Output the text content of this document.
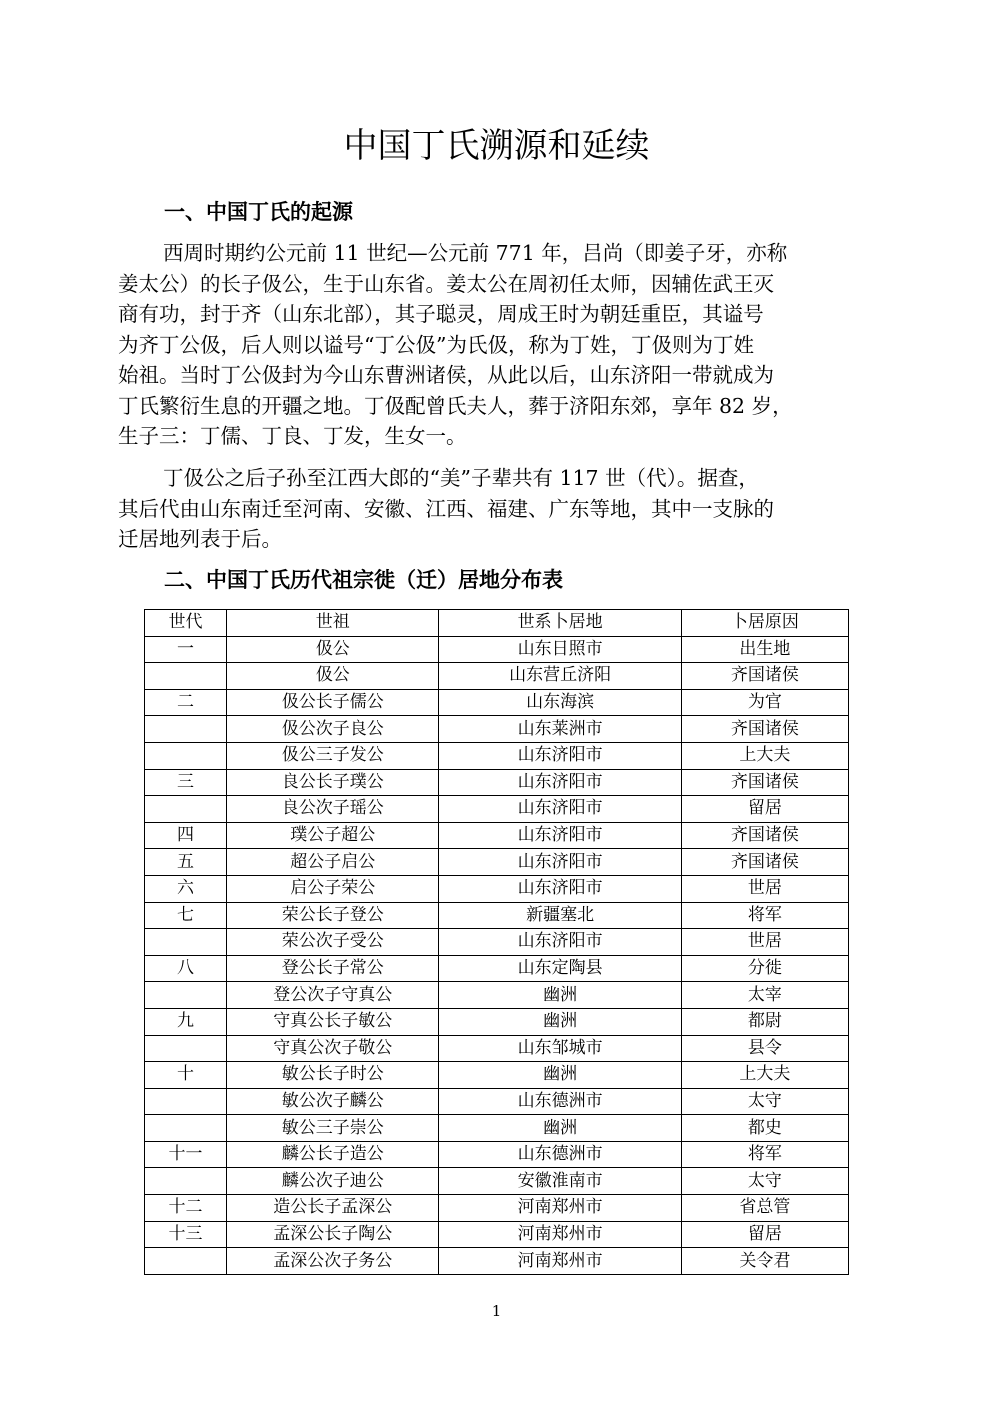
中国丁氏溯源和延续
一、中国丁氏的起源
西周时期约公元前 11 世纪—公元前 771 年，吕尚（即姜子牙，亦称
姜太公）的长子伋公，生于山东省。姜太公在周初任太师，因辅佐武王灭
商有功，封于齐（山东北部），其子聪灵，周成王时为朝廷重臣，其谥号
为齐丁公伋，后人则以谥号“丁公伋”为氏伋，称为丁姓，丁伋则为丁姓
始祖。当时丁公伋封为今山东曹洲诸侯，从此以后，山东济阳一带就成为
丁氏繁衍生息的开疆之地。丁伋配曾氏夫人，葬于济阳东郊，享年 82 岁，
生子三：丁儒、丁良、丁发，生女一。
丁伋公之后子孙至江西大郎的“美”子辈共有 117 世（代）。据查，
其后代由山东南迁至河南、安徽、江西、福建、广东等地，其中一支脉的
迁居地列表于后。
二、中国丁氏历代祖宗徙（迁）居地分布表
世代	世祖	世系卜居地	卜居原因
一	伋公	山东日照市	出生地
	伋公	山东营丘济阳	齐国诸侯
二	伋公长子儒公	山东海滨	为官
	伋公次子良公	山东莱洲市	齐国诸侯
	伋公三子发公	山东济阳市	上大夫
三	良公长子璞公	山东济阳市	齐国诸侯
	良公次子瑶公	山东济阳市	留居
四	璞公子超公	山东济阳市	齐国诸侯
五	超公子启公	山东济阳市	齐国诸侯
六	启公子荣公	山东济阳市	世居
七	荣公长子登公	新疆塞北	将军
	荣公次子受公	山东济阳市	世居
八	登公长子常公	山东定陶县	分徙
	登公次子守真公	幽洲	太宰
九	守真公长子敏公	幽洲	都尉
	守真公次子敬公	山东邹城市	县令
十	敏公长子时公	幽洲	上大夫
	敏公次子麟公	山东德洲市	太守
	敏公三子崇公	幽洲	都史
十一	麟公长子造公	山东德洲市	将军
	麟公次子迪公	安徽淮南市	太守
十二	造公长子孟深公	河南郑州市	省总管
十三	孟深公长子陶公	河南郑州市	留居
	孟深公次子务公	河南郑州市	关令君
1
